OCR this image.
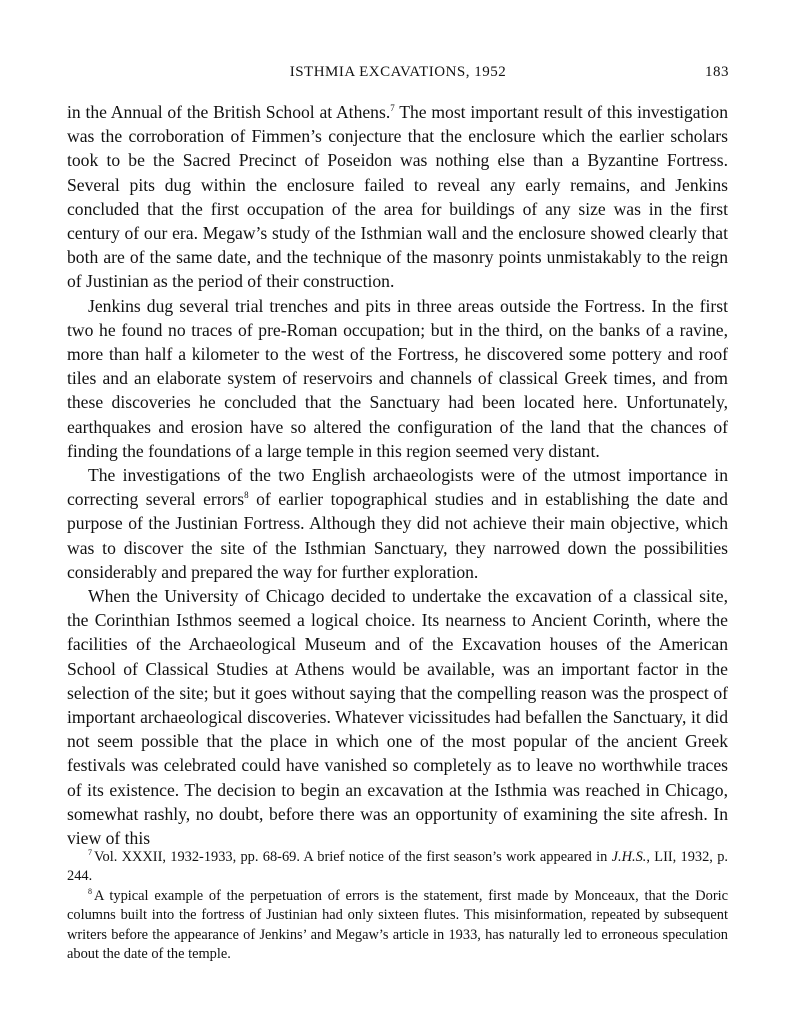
ISTHMIA EXCAVATIONS, 1952	183

in the Annual of the British School at Athens.$^7$ The most important result of this investigation was the corroboration of Fimmen’s conjecture that the enclosure which the earlier scholars took to be the Sacred Precinct of Poseidon was nothing else than a Byzantine Fortress. Several pits dug within the enclosure failed to reveal any early remains, and Jenkins concluded that the first occupation of the area for buildings of any size was in the first century of our era. Megaw’s study of the Isthmian wall and the enclosure showed clearly that both are of the same date, and the technique of the masonry points unmistakably to the reign of Justinian as the period of their construction.

Jenkins dug several trial trenches and pits in three areas outside the Fortress. In the first two he found no traces of pre-Roman occupation; but in the third, on the banks of a ravine, more than half a kilometer to the west of the Fortress, he discovered some pottery and roof tiles and an elaborate system of reservoirs and channels of classical Greek times, and from these discoveries he concluded that the Sanctuary had been located here. Unfortunately, earthquakes and erosion have so altered the configuration of the land that the chances of finding the foundations of a large temple in this region seemed very distant.

The investigations of the two English archaeologists were of the utmost importance in correcting several errors$^8$ of earlier topographical studies and in establishing the date and purpose of the Justinian Fortress. Although they did not achieve their main objective, which was to discover the site of the Isthmian Sanctuary, they narrowed down the possibilities considerably and prepared the way for further exploration.

When the University of Chicago decided to undertake the excavation of a classical site, the Corinthian Isthmos seemed a logical choice. Its nearness to Ancient Corinth, where the facilities of the Archaeological Museum and of the Excavation houses of the American School of Classical Studies at Athens would be available, was an important factor in the selection of the site; but it goes without saying that the compelling reason was the prospect of important archaeological discoveries. Whatever vicissitudes had befallen the Sanctuary, it did not seem possible that the place in which one of the most popular of the ancient Greek festivals was celebrated could have vanished so completely as to leave no worthwhile traces of its existence. The decision to begin an excavation at the Isthmia was reached in Chicago, somewhat rashly, no doubt, before there was an opportunity of examining the site afresh. In view of this

$^7$ Vol. XXXII, 1932-1933, pp. 68-69. A brief notice of the first season’s work appeared in J.H.S., LII, 1932, p. 244.

$^8$ A typical example of the perpetuation of errors is the statement, first made by Monceaux, that the Doric columns built into the fortress of Justinian had only sixteen flutes. This misinformation, repeated by subsequent writers before the appearance of Jenkins’ and Megaw’s article in 1933, has naturally led to erroneous speculation about the date of the temple.
